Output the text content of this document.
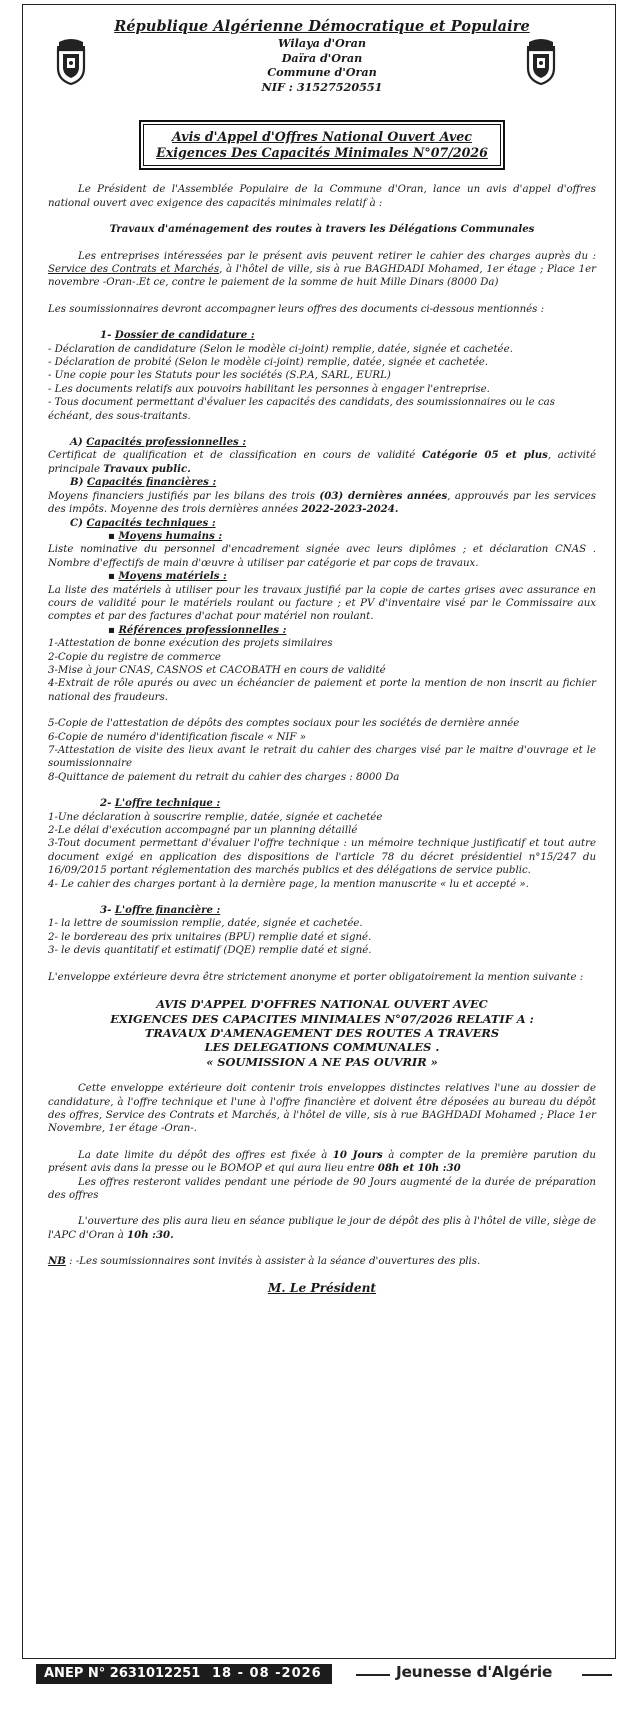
République Algérienne Démocratique et Populaire
Wilaya d'Oran
Daïra d'Oran
Commune d'Oran
NIF : 31527520551
Avis d'Appel d'Offres National Ouvert Avec
Exigences Des Capacités Minimales N°07/2026

Le Président de l'Assemblée Populaire de la Commune d'Oran, lance un avis d'appel d'offres national ouvert avec exigence des capacités minimales relatif à :

Travaux d'aménagement des routes à travers les Délégations Communales

Les entreprises intéressées par le présent avis peuvent retirer le cahier des charges auprès du : Service des Contrats et Marchés, à l'hôtel de ville, sis à rue BAGHDADI Mohamed, 1er étage ; Place 1er novembre -Oran-.Et ce, contre le paiement de la somme de huit Mille Dinars (8000 Da)

Les soumissionnaires devront accompagner leurs offres des documents ci-dessous mentionnés :

1- Dossier de candidature :

- Déclaration de candidature (Selon le modèle ci-joint) remplie, datée, signée et cachetée.

- Déclaration de probité (Selon le modèle ci-joint) remplie, datée, signée et cachetée.

- Une copie pour les Statuts pour les sociétés (S.P.A, SARL, EURL)

- Les documents relatifs aux pouvoirs habilitant les personnes à engager l'entreprise.

- Tous document permettant d'évaluer les capacités des candidats, des soumissionnaires ou le cas échéant, des sous-traitants.

A) Capacités professionnelles :

Certificat de qualification et de classification en cours de validité Catégorie 05 et plus, activité principale Travaux public.

B) Capacités financières :

Moyens financiers justifiés par les bilans des trois (03) dernières années, approuvés par les services des impôts. Moyenne des trois dernières années 2022-2023-2024.

C) Capacités techniques :

▪ Moyens humains :

Liste nominative du personnel d'encadrement signée avec leurs diplômes ; et déclaration CNAS . Nombre d'effectifs de main d'œuvre à utiliser par catégorie et par cops de travaux.

▪ Moyens matériels :

La liste des matériels à utiliser pour les travaux justifié par la copie de cartes grises avec assurance en cours de validité pour le matériels roulant ou facture ; et PV d'inventaire visé par le Commissaire aux comptes et par des factures d'achat pour matériel non roulant.

▪ Références professionnelles :

1-Attestation de bonne exécution des projets similaires

2-Copie du registre de commerce

3-Mise à jour CNAS, CASNOS et CACOBATH en cours de validité

4-Extrait de rôle apurés ou avec un échéancier de paiement et porte la mention de non inscrit au fichier national des fraudeurs.

5-Copie de l'attestation de dépôts des comptes sociaux pour les sociétés de dernière année

6-Copie de numéro d'identification fiscale « NIF »

7-Attestation de visite des lieux avant le retrait du cahier des charges visé par le maitre d'ouvrage et le soumissionnaire

8-Quittance de paiement du retrait du cahier des charges : 8000 Da

2- L'offre technique :

1-Une déclaration à souscrire remplie, datée, signée et cachetée

2-Le délai d'exécution accompagné par un planning détaillé

3-Tout document permettant d'évaluer l'offre technique : un mémoire technique justificatif et tout autre document exigé en application des dispositions de l'article 78 du décret présidentiel n°15/247 du 16/09/2015 portant réglementation des marchés publics et des délégations de service public.

4- Le cahier des charges portant à la dernière page, la mention manuscrite « lu et accepté ».

3- L'offre financière :

1- la lettre de soumission remplie, datée, signée et cachetée.

2- le bordereau des prix unitaires (BPU) remplie daté et signé.

3- le devis quantitatif et estimatif (DQE) remplie daté et signé.

L'enveloppe extérieure devra être strictement anonyme et porter obligatoirement la mention suivante :

AVIS D'APPEL D'OFFRES NATIONAL OUVERT AVEC

EXIGENCES DES CAPACITES MINIMALES N°07/2026 RELATIF A :

TRAVAUX D'AMENAGEMENT DES ROUTES A TRAVERS

LES DELEGATIONS COMMUNALES .

« SOUMISSION A NE PAS OUVRIR »

Cette enveloppe extérieure doit contenir trois enveloppes distinctes relatives l'une au dossier de candidature, à l'offre technique et l'une à l'offre financière et doivent être déposées au bureau du dépôt des offres, Service des Contrats et Marchés, à l'hôtel de ville, sis à rue BAGHDADI Mohamed ; Place 1er Novembre, 1er étage -Oran-.

La date limite du dépôt des offres est fixée à 10 Jours à compter de la première parution du présent avis dans la presse ou le BOMOP et qui aura lieu entre 08h et 10h :30

Les offres resteront valides pendant une période de 90 Jours augmenté de la durée de préparation des offres

L'ouverture des plis aura lieu en séance publique le jour de dépôt des plis à l'hôtel de ville, siège de l'APC d'Oran à 10h :30.

NB : -Les soumissionnaires sont invités à assister à la séance d'ouvertures des plis.

M. Le Président

ANEP N° 2631012251 18 - 08 -2026	Jeunesse d'Algérie
